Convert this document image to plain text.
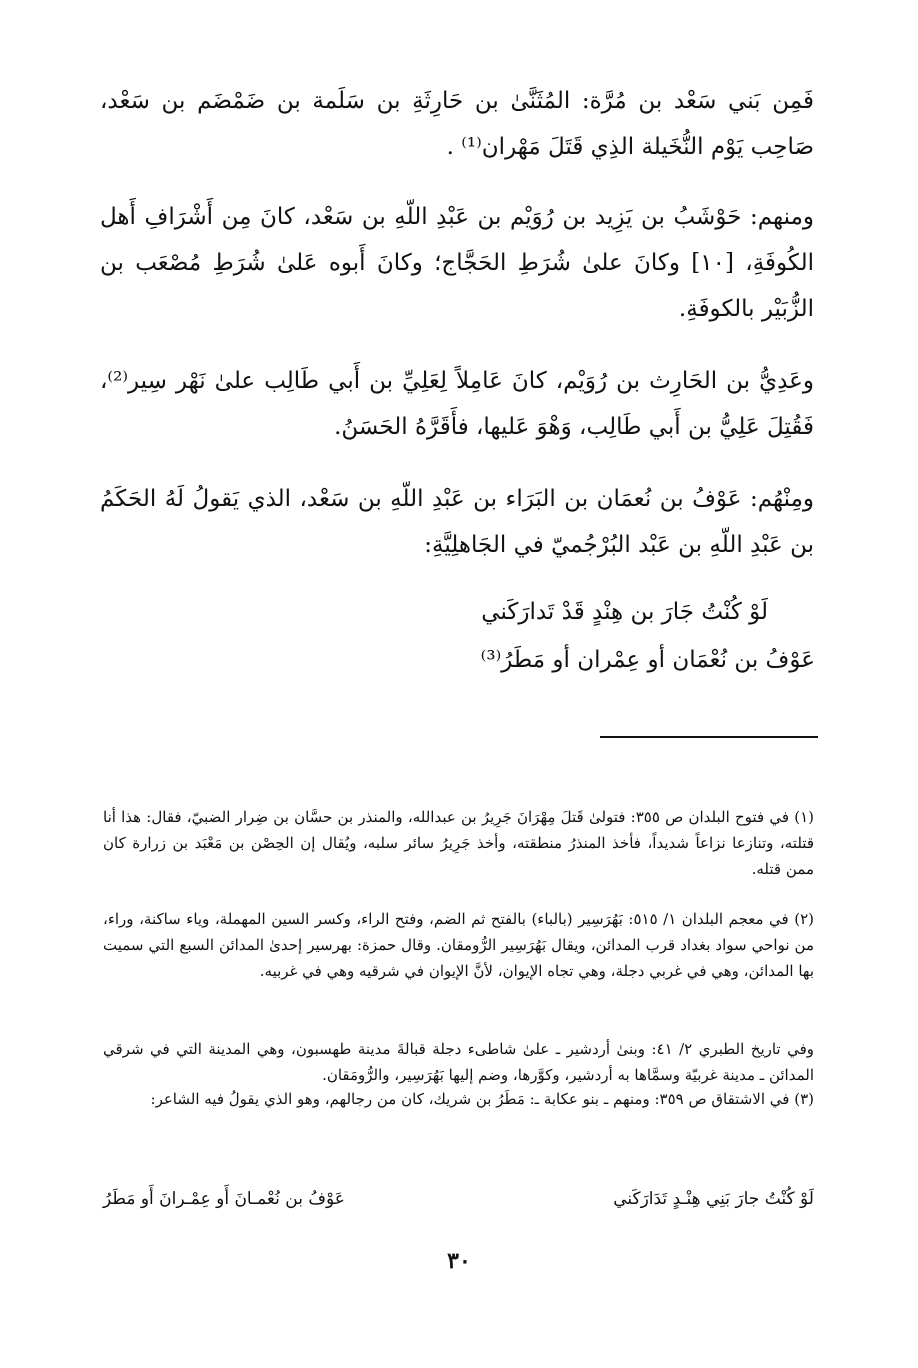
فَمِن بَني سَعْد بن مُرَّة: المُثَنَّىٰ بن حَارِثَةِ بن سَلَمة بن ضَمْضَم بن سَعْد، صَاحِب يَوْم النُّخَيلة الذِي قَتَلَ مَهْران⁽¹⁾ .

ومنهم: حَوْشَبُ بن يَزِيد بن رُوَيْم بن عَبْدِ اللّهِ بن سَعْد، كانَ مِن أَشْرَافِ أَهل الكُوفَةِ، [١٠] وكانَ علىٰ شُرَطِ الحَجَّاج؛ وكانَ أَبوه عَلىٰ شُرَطِ مُصْعَب بن الزُّبَيْر بالكوفَةِ.

وعَدِيُّ بن الحَارِث بن رُوَيْم، كانَ عَامِلاً لِعَلِيِّ بن أَبي طَالِب علىٰ نَهْر سِير⁽²⁾، فَقُتِلَ عَلِيُّ بن أَبي طَالِب، وَهْوَ عَليها، فأَقَرَّهُ الحَسَنُ.

ومِنْهُم: عَوْفُ بن نُعمَان بن البَرَاء بن عَبْدِ اللّهِ بن سَعْد، الذي يَقولُ لَهُ الحَكَمُ بن عَبْدِ اللّهِ بن عَبْد البُرْجُميّ في الجَاهلِيَّةِ:

لَوْ كُنْتُ جَارَ بن هِنْدٍ قَدْ تَدارَكَني
عَوْفُ بن نُعْمَان أو عِمْران أو مَطَرُ⁽³⁾

(١) في فتوح البلدان ص ٣٥٥: فتولىٰ قَتلَ مِهْرَانَ جَرِيرُ بن عبدالله، والمنذر بن حسَّان بن ضِرار الضبيّ، فقال: هذا أنا قتلته، وتنازعا نزاعاً شديداً، فأخذ المنذرُ منطقته، وأخذ جَرِيرُ سائر سلبه، ويُقال إن الحِصْن بن مَعْبَد بن زرارة كان ممن قتله.

(٢) في معجم البلدان ١/ ٥١٥: بَهُرَسِير (بالباء) بالفتح ثم الضم، وفتح الراء، وكسر السين المهملة، وياء ساكنة، وراء، من نواحي سواد بغداد قرب المدائن، ويقال بَهُرَسِير الرُّومقان. وقال حمزة: بهرسير إحدىٰ المدائن السبع التي سميت بها المدائن، وهي في غربي دجلة، وهي تجاه الإيوان، لأنَّ الإيوان في شرقيه وهي في غربيه.

وفي تاريخ الطبري ٢/ ٤١: وبنىٰ أردشير ـ علىٰ شاطىء دجلة قبالةَ مدينة طهسبون، وهي المدينة التي في شرقي المدائن ـ مدينة غربيّة وسمَّاها به أردشير، وكوَّرها، وضم إليها بَهُرَسِير، والرُّومَقان.

(٣) في الاشتقاق ص ٣٥٩: ومنهم ـ بنو عكابة ـ: مَطَرُ بن شريك، كان من رجالهم، وهو الذي يقولُ فيه الشاعر:

لَوْ كُنْتُ جارَ بَنِي هِنْـدٍ تَدَارَكَني
عَوْفُ بن نُعْمـانَ أَو عِمْـرانَ أَو مَطَرُ
٣٠
